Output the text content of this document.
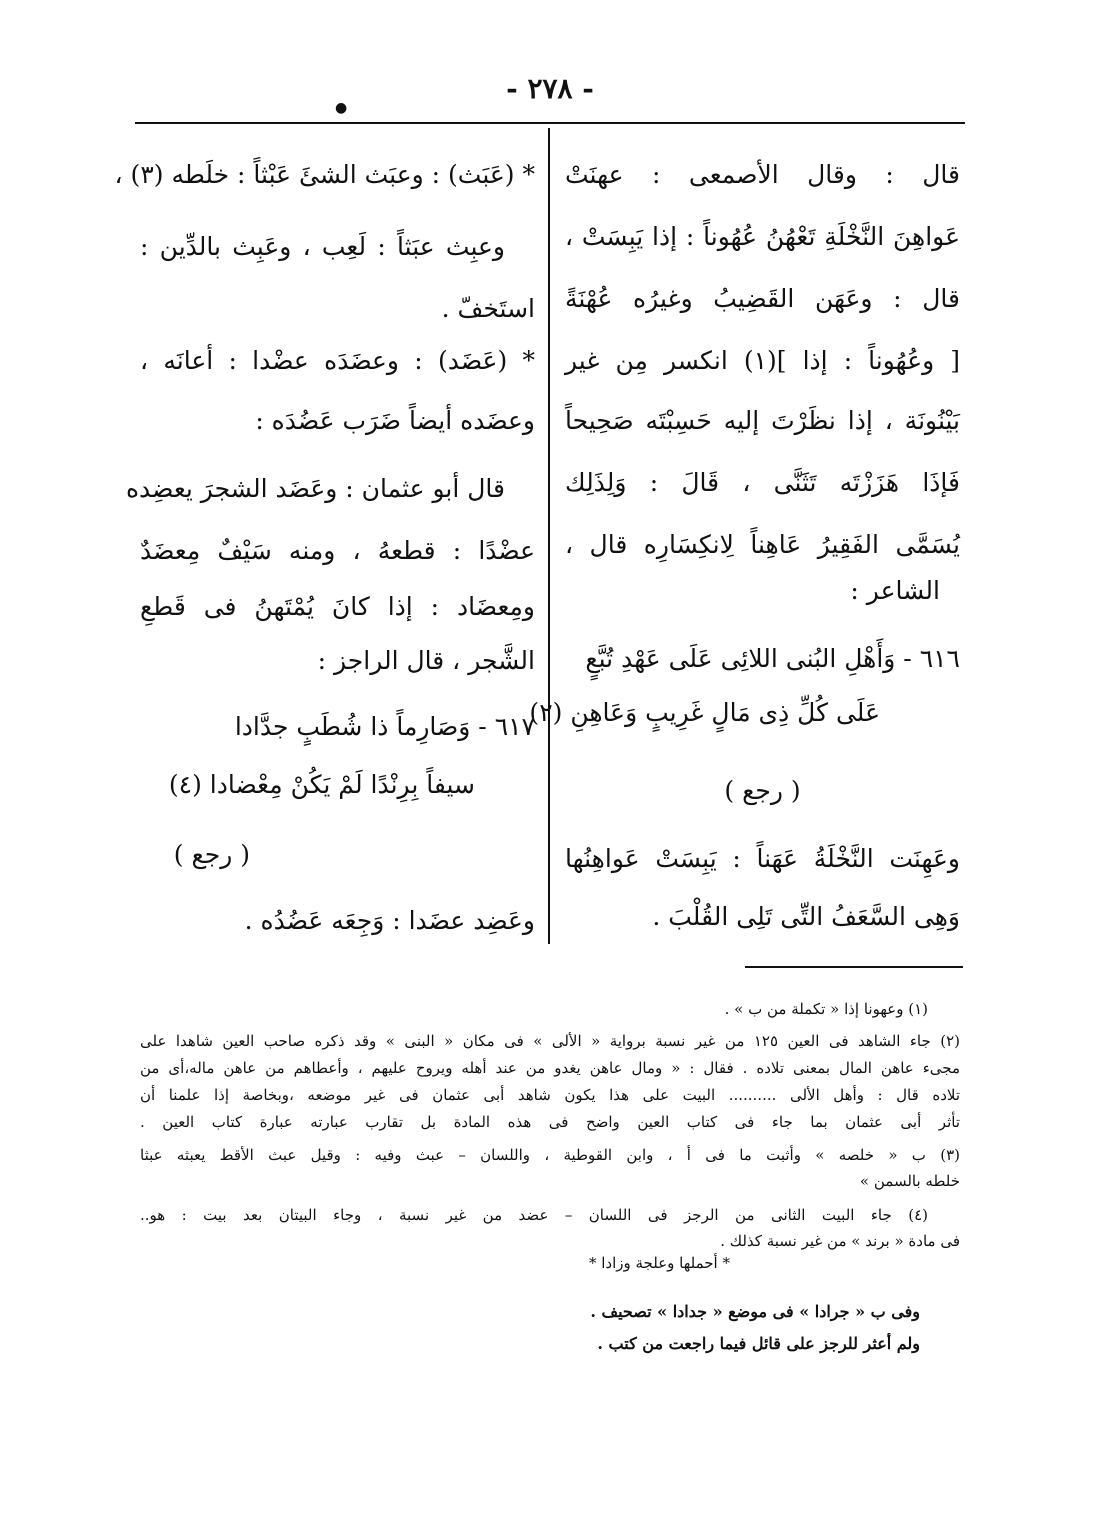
- ٢٧٨ -
●
قال : وقال الأصمعى : عهنَتْ
عَواهِنَ النَّخْلَةِ تَعْهُنُ عُهُوناً : إذا يَبِسَتْ ،
قال : وعَهَن القَضِيبُ وغيرُه عُهْنَةً
[ وعُهُوناً : إذا ](١) انكسر مِن غير
بَيْنُونَة ، إذا نظَرْتَ إليه حَسِبْتَه صَحِيحاً
فَإذَا هَزَزْتَه تَثَنَّى ، قَالَ : وَلِذَلِك
يُسَمَّى الفَقِيرُ عَاهِناً لِانكِسَارِه قال ،
الشاعر :
٦١٦ - وَأَهْلِ البُنى اللائِى عَلَى عَهْدِ تُبَّعٍ
عَلَى كُلِّ ذِى مَالٍ غَرِيبٍ وَعَاهِنِ (٢)
( رجع )
وعَهِنَت النَّخْلَةُ عَهَناً : يَبِسَتْ عَواهِنُها
وَهِى السَّعَفُ التِّى تَلِى القُلْبَ .
* (عَبَث) : وعبَث الشئَ عَبْثاً : خلَطه (٣) ،
وعبِث عبَثاً : لَعِب ، وعَبِث بالدِّين :
استَخفّ .
* (عَضَد) : وعضَدَه عضْدا : أعانَه ،
وعضَده أيضاً ضَرَب عَضُدَه :
قال أبو عثمان : وعَضَد الشجرَ يعضِده
عضْدًا : قطعهُ ، ومنه سَيْفٌ مِعضَدٌ
ومِعضَاد : إذا كانَ يُمْتَهنُ فى قَطعِ
الشَّجر ، قال الراجز :
٦١٧ - وَصَارِماً ذا شُطَبٍ جدَّادا
سيفاً بِرِنْدًا لَمْ يَكُنْ مِعْضادا (٤)
( رجع )
وعَضِد عضَدا : وَجِعَه عَضُدُه .
(١) وعهونا إذا « تكملة من ب » .
(٢) جاء الشاهد فى العين ١٢٥ من غير نسبة برواية « الألى » فى مكان « البنى » وقد ذكره صاحب العين شاهدا على
مجىء عاهن المال بمعنى تلاده . فقال : « ومال عاهن يغدو من عند أهله ويروح عليهم ، وأعطاهم من عاهن ماله،أى من
تلاده قال : وأهل الألى .......... البيت على هذا يكون شاهد أبى عثمان فى غير موضعه ،وبخاصة إذا علمنا أن
تأثر أبى عثمان بما جاء فى كتاب العين واضح فى هذه المادة بل تقارب عبارته عبارة كتاب العين .
(٣) ب « خلصه » وأثبت ما فى أ ، وابن القوطية ، واللسان – عبث وفيه : وقيل عبث الأقط يعبثه عبثا
خلطه بالسمن »
(٤) جاء البيت الثانى من الرجز فى اللسان – عضد من غير نسبة ، وجاء البيتان بعد بيت : هو..
فى مادة « برند » من غير نسبة كذلك .
* أحملها وعلجة وزادا *
وفى ب « جرادا » فى موضع « جدادا » تصحيف .
ولم أعثر للرجز على قائل فيما راجعت من كتب .
